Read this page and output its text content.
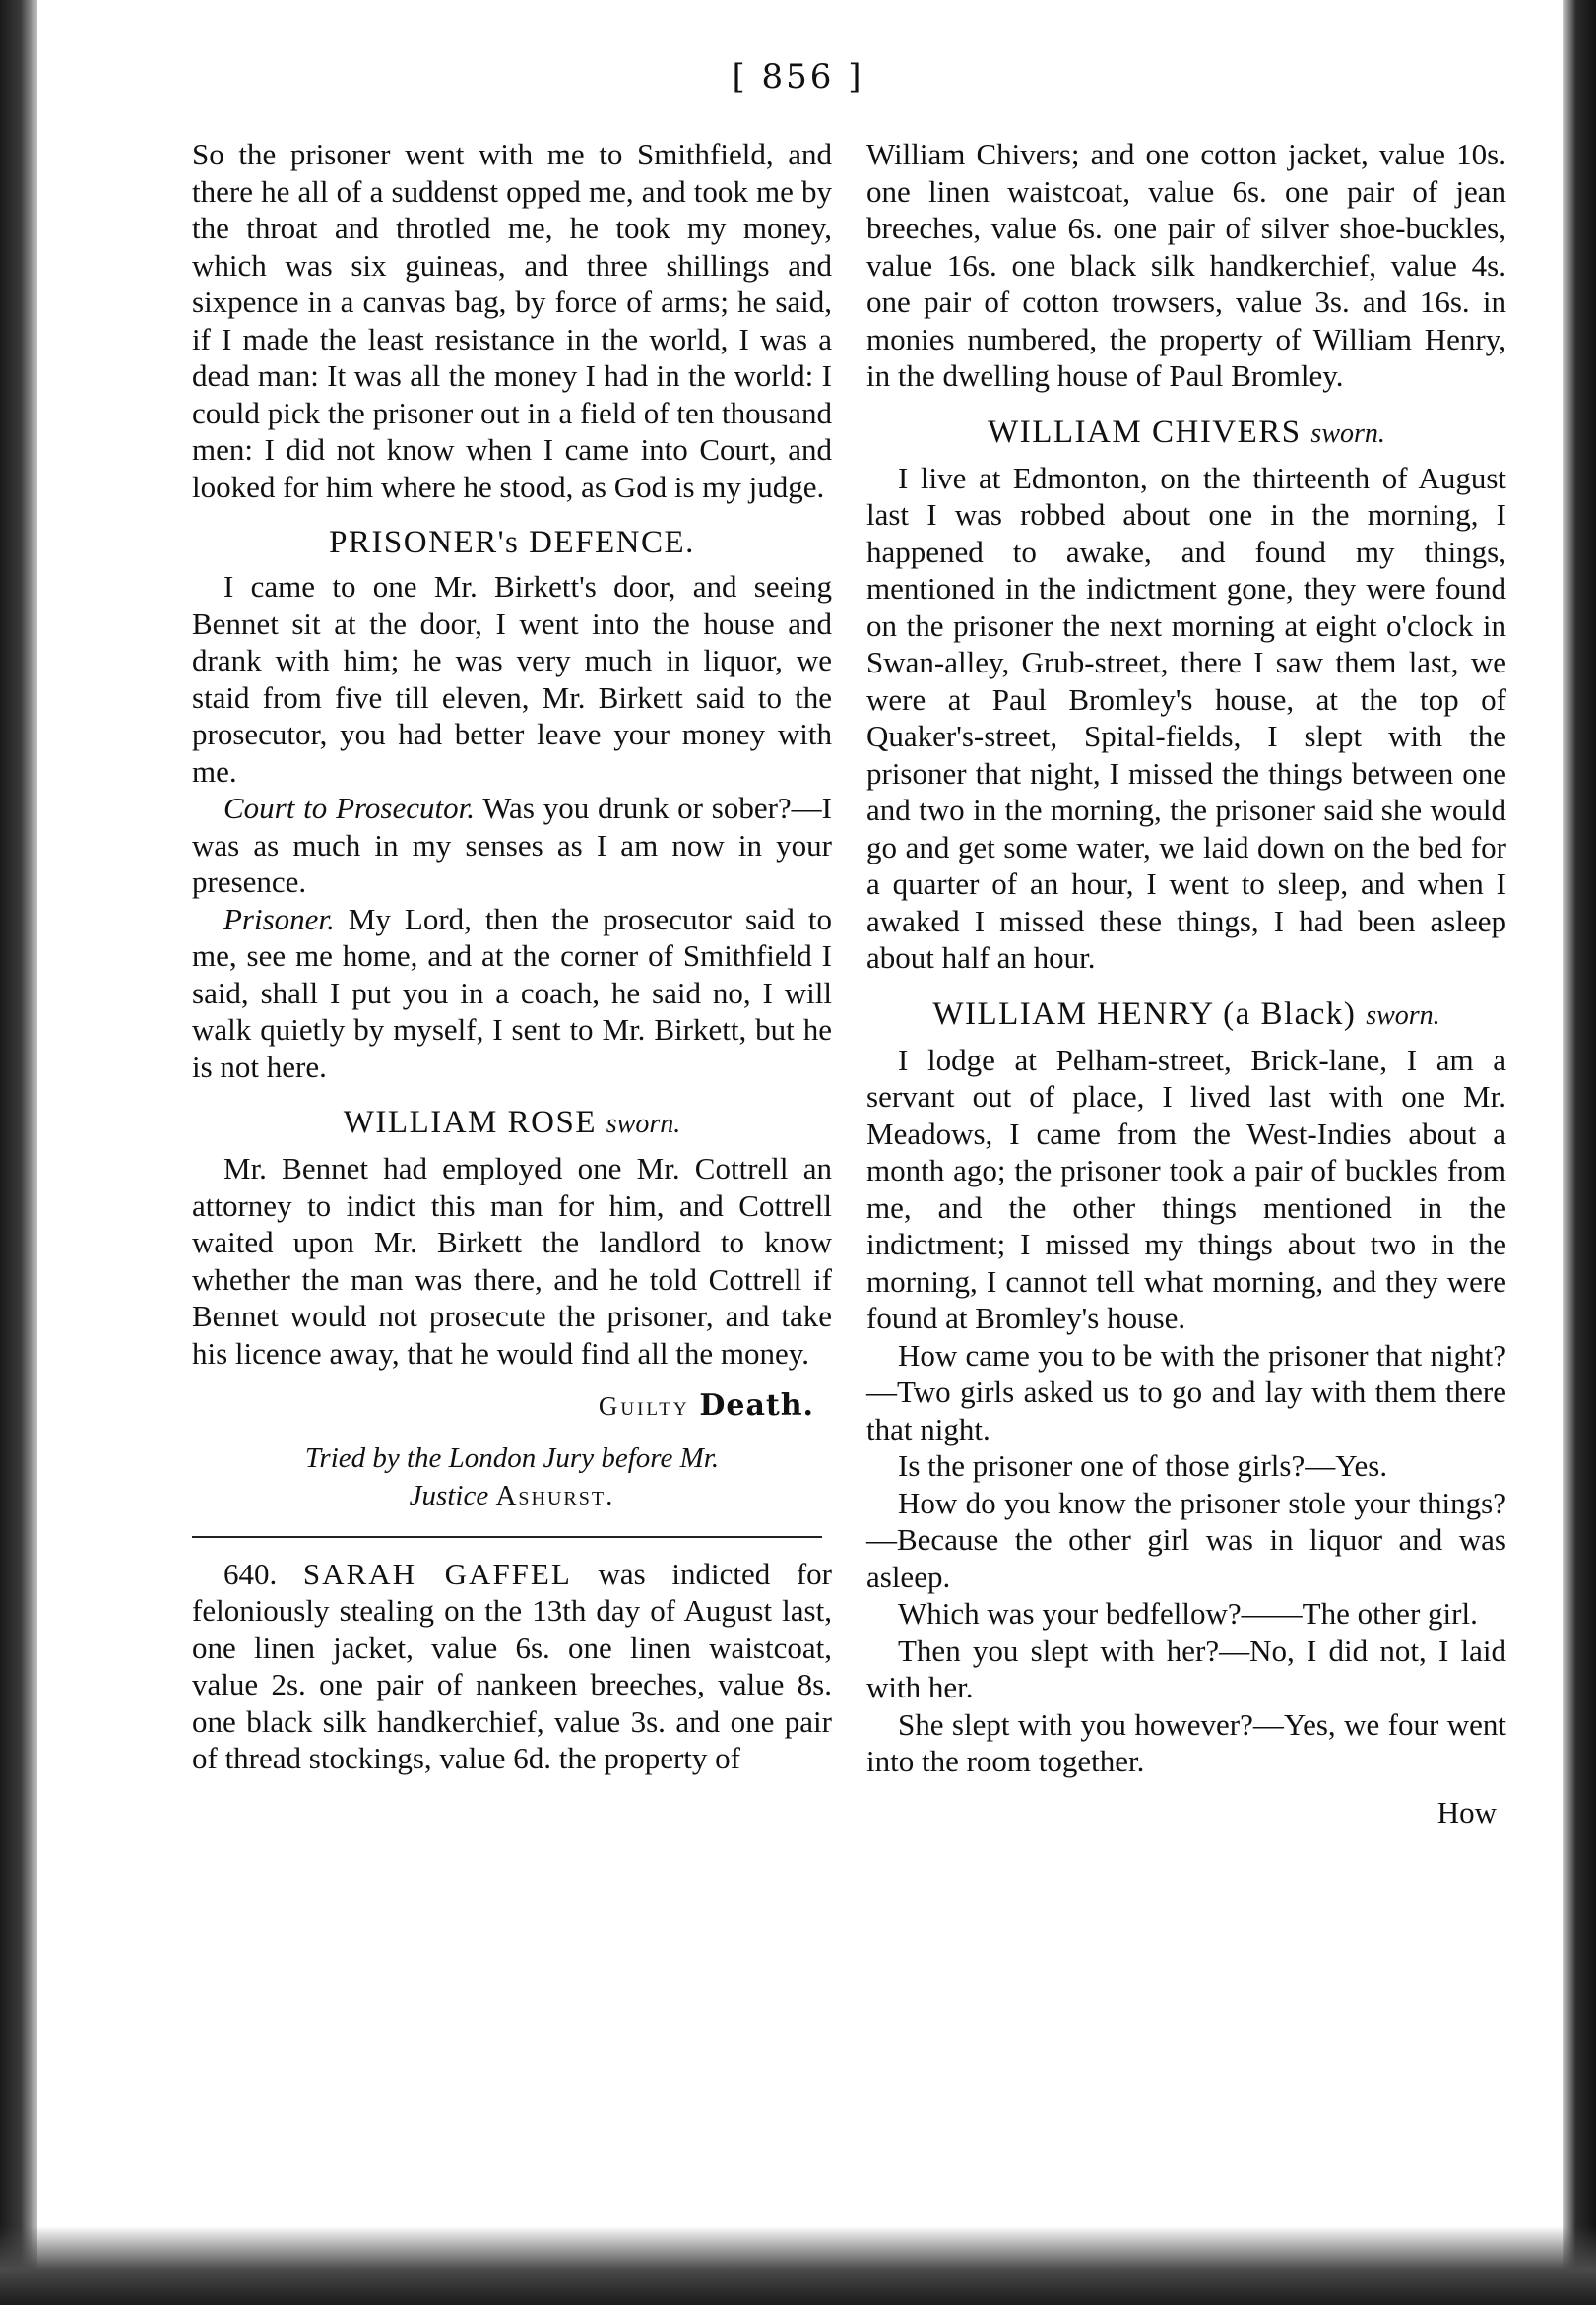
[ 856 ]

So the prisoner went with me to Smithfield, and there he all of a suddenst opped me, and took me by the throat and throtled me, he took my money, which was six guineas, and three shillings and sixpence in a canvas bag, by force of arms; he said, if I made the least resistance in the world, I was a dead man: It was all the money I had in the world: I could pick the prisoner out in a field of ten thousand men: I did not know when I came into Court, and looked for him where he stood, as God is my judge.

PRISONER's DEFENCE.

I came to one Mr. Birkett's door, and seeing Bennet sit at the door, I went into the house and drank with him; he was very much in liquor, we staid from five till eleven, Mr. Birkett said to the prosecutor, you had better leave your money with me.

Court to Prosecutor. Was you drunk or sober?—I was as much in my senses as I am now in your presence.

Prisoner. My Lord, then the prosecutor said to me, see me home, and at the corner of Smithfield I said, shall I put you in a coach, he said no, I will walk quietly by myself, I sent to Mr. Birkett, but he is not here.

WILLIAM ROSE sworn.

Mr. Bennet had employed one Mr. Cottrell an attorney to indict this man for him, and Cottrell waited upon Mr. Birkett the landlord to know whether the man was there, and he told Cottrell if Bennet would not prosecute the prisoner, and take his licence away, that he would find all the money.

Guilty Death.
Tried by the London Jury before Mr.
Justice Ashurst.

640. SARAH GAFFEL was indicted for feloniously stealing on the 13th day of August last, one linen jacket, value 6s. one linen waistcoat, value 2s. one pair of nankeen breeches, value 8s. one black silk handkerchief, value 3s. and one pair of thread stockings, value 6d. the property of

William Chivers; and one cotton jacket, value 10s. one linen waistcoat, value 6s. one pair of jean breeches, value 6s. one pair of silver shoe-buckles, value 16s. one black silk handkerchief, value 4s. one pair of cotton trowsers, value 3s. and 16s. in monies numbered, the property of William Henry, in the dwelling house of Paul Bromley.

WILLIAM CHIVERS sworn.

I live at Edmonton, on the thirteenth of August last I was robbed about one in the morning, I happened to awake, and found my things, mentioned in the indictment gone, they were found on the prisoner the next morning at eight o'clock in Swan-alley, Grub-street, there I saw them last, we were at Paul Bromley's house, at the top of Quaker's-street, Spital-fields, I slept with the prisoner that night, I missed the things between one and two in the morning, the prisoner said she would go and get some water, we laid down on the bed for a quarter of an hour, I went to sleep, and when I awaked I missed these things, I had been asleep about half an hour.

WILLIAM HENRY (a Black) sworn.

I lodge at Pelham-street, Brick-lane, I am a servant out of place, I lived last with one Mr. Meadows, I came from the West-Indies about a month ago; the prisoner took a pair of buckles from me, and the other things mentioned in the indictment; I missed my things about two in the morning, I cannot tell what morning, and they were found at Bromley's house.

How came you to be with the prisoner that night?—Two girls asked us to go and lay with them there that night.

Is the prisoner one of those girls?—Yes.

How do you know the prisoner stole your things?—Because the other girl was in liquor and was asleep.

Which was your bedfellow?——The other girl.

Then you slept with her?—No, I did not, I laid with her.

She slept with you however?—Yes, we four went into the room together.

How
